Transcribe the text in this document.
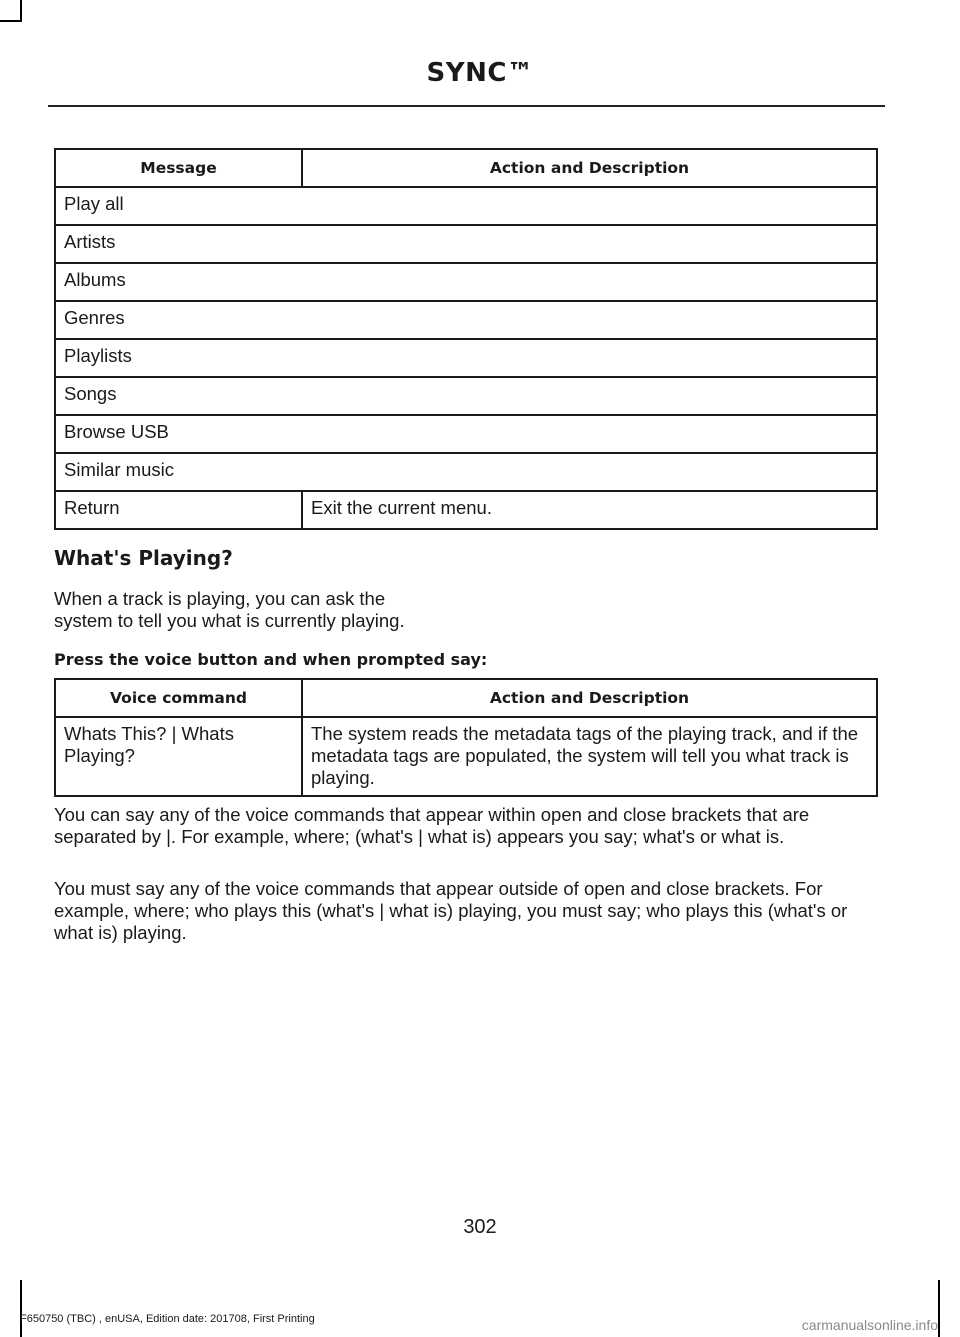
SYNC™
Message	Action and Description
Play all	
Artists	
Albums	
Genres	
Playlists	
Songs	
Browse USB	
Similar music	
Return	Exit the current menu.
What's Playing?
When a track is playing, you can ask the
system to tell you what is currently playing.
Press the voice button and when prompted say:
Voice command	Action and Description
Whats This? | Whats Playing?	The system reads the metadata tags of the playing track, and if the metadata tags are populated, the system will tell you what track is playing.
You can say any of the voice commands that appear within open and close brackets that are separated by |. For example, where; (what's | what is) appears you say; what's or what is.
You must say any of the voice commands that appear outside of open and close brackets. For example, where; who plays this (what's | what is) playing, you must say; who plays this (what's or what is) playing.
302
F650750 (TBC) , enUSA, Edition date: 201708, First Printing	carmanualsonline.info
